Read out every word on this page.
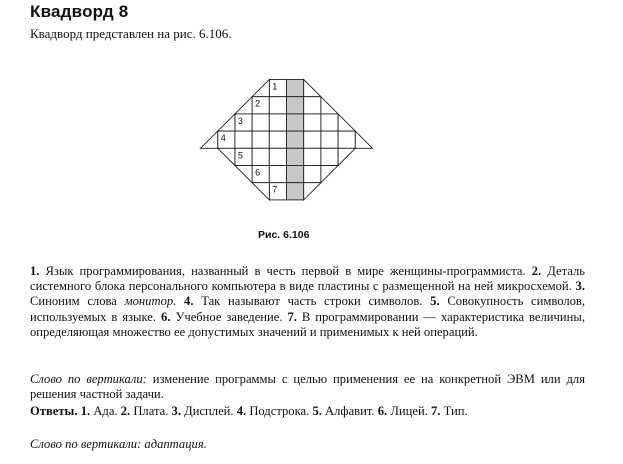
Квадворд 8
Квадворд представлен на рис. 6.106.
1
2
3
4
5
6
7
Рис. 6.106
1. Язык программирования, названный в честь первой в мире женщины-программиста. 2. Деталь системного блока персонального компьютера в виде пластины с размещенной на ней микросхемой. 3. Синоним слова монитор. 4. Так называют часть строки символов. 5. Совокупность символов, используемых в языке. 6. Учебное заведение. 7. В программировании — характеристика величины, определяющая множество ее допустимых значений и применимых к ней операций.
Слово по вертикали: изменение программы с целью применения ее на конкретной ЭВМ или для решения частной задачи.
Ответы. 1. Ада. 2. Плата. 3. Дисплей. 4. Подстрока. 5. Алфавит. 6. Лицей. 7. Тип.
Слово по вертикали: адаптация.
